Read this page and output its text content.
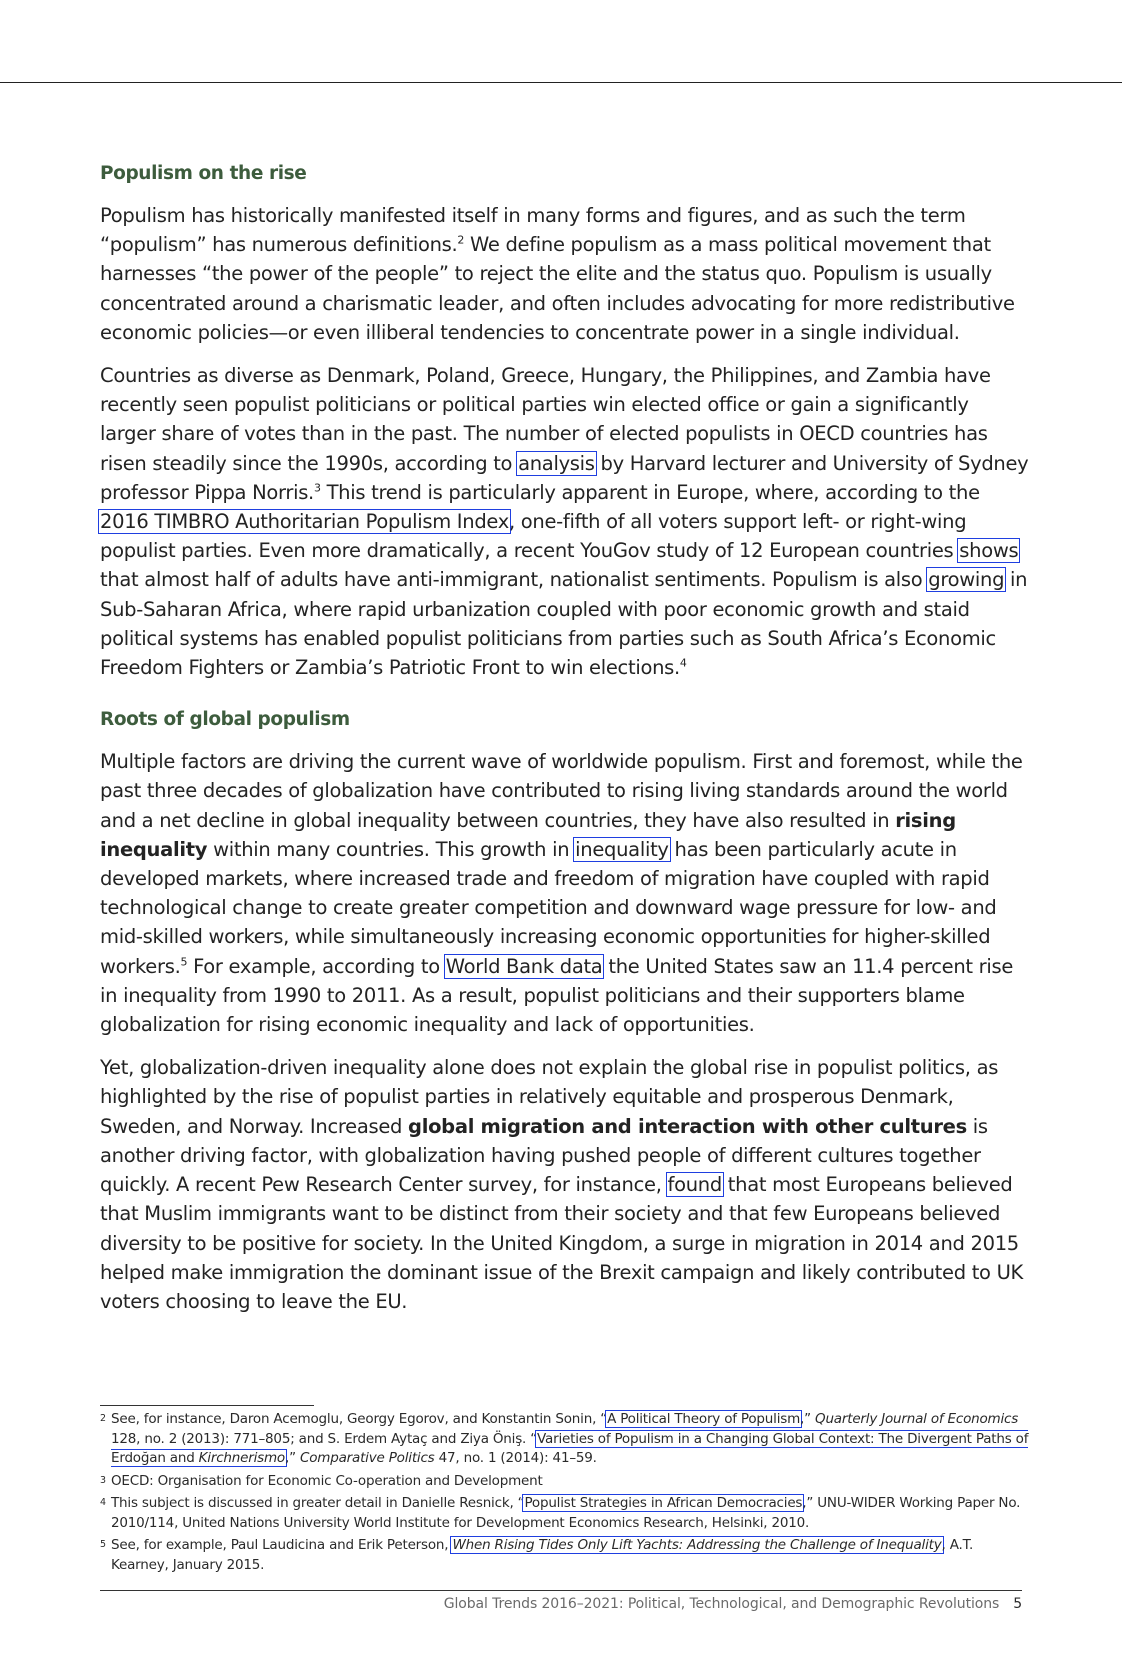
Populism on the rise

Populism has historically manifested itself in many forms and figures, and as such the term “populism” has numerous definitions.$^2$ We define populism as a mass political movement that harnesses “the power of the people” to reject the elite and the status quo. Populism is usually concentrated around a charismatic leader, and often includes advocating for more redistributive economic policies—or even illiberal tendencies to concentrate power in a single individual.

Countries as diverse as Denmark, Poland, Greece, Hungary, the Philippines, and Zambia have recently seen populist politicians or political parties win elected office or gain a significantly larger share of votes than in the past. The number of elected populists in OECD countries has risen steadily since the 1990s, according to analysis by Harvard lecturer and University of Sydney professor Pippa Norris.$^3$ This trend is particularly apparent in Europe, where, according to the 2016 TIMBRO Authoritarian Populism Index, one-fifth of all voters support left- or right-wing populist parties. Even more dramatically, a recent YouGov study of 12 European countries shows that almost half of adults have anti-immigrant, nationalist sentiments. Populism is also growing in Sub-Saharan Africa, where rapid urbanization coupled with poor economic growth and staid political systems has enabled populist politicians from parties such as South Africa’s Economic Freedom Fighters or Zambia’s Patriotic Front to win elections.$^4$

Roots of global populism

Multiple factors are driving the current wave of worldwide populism. First and foremost, while the past three decades of globalization have contributed to rising living standards around the world and a net decline in global inequality between countries, they have also resulted in rising inequality within many countries. This growth in inequality has been particularly acute in developed markets, where increased trade and freedom of migration have coupled with rapid technological change to create greater competition and downward wage pressure for low- and mid-skilled workers, while simultaneously increasing economic opportunities for higher-skilled workers.$^5$ For example, according to World Bank data the United States saw an 11.4 percent rise in inequality from 1990 to 2011. As a result, populist politicians and their supporters blame globalization for rising economic inequality and lack of opportunities.

Yet, globalization-driven inequality alone does not explain the global rise in populist politics, as highlighted by the rise of populist parties in relatively equitable and prosperous Denmark, Sweden, and Norway. Increased global migration and interaction with other cultures is another driving factor, with globalization having pushed people of different cultures together quickly. A recent Pew Research Center survey, for instance, found that most Europeans believed that Muslim immigrants want to be distinct from their society and that few Europeans believed diversity to be positive for society. In the United Kingdom, a surge in migration in 2014 and 2015 helped make immigration the dominant issue of the Brexit campaign and likely contributed to UK voters choosing to leave the EU.

2 See, for instance, Daron Acemoglu, Georgy Egorov, and Konstantin Sonin, “A Political Theory of Populism,” Quarterly Journal of Economics 128, no. 2 (2013): 771–805; and S. Erdem Aytaç and Ziya Öniş. “Varieties of Populism in a Changing Global Context: The Divergent Paths of Erdoğan and Kirchnerismo,” Comparative Politics 47, no. 1 (2014): 41–59.
3 OECD: Organisation for Economic Co-operation and Development
4 This subject is discussed in greater detail in Danielle Resnick, “Populist Strategies in African Democracies,” UNU-WIDER Working Paper No. 2010/114, United Nations University World Institute for Development Economics Research, Helsinki, 2010.
5 See, for example, Paul Laudicina and Erik Peterson, When Rising Tides Only Lift Yachts: Addressing the Challenge of Inequality, A.T. Kearney, January 2015.
Global Trends 2016–2021: Political, Technological, and Demographic Revolutions 5
